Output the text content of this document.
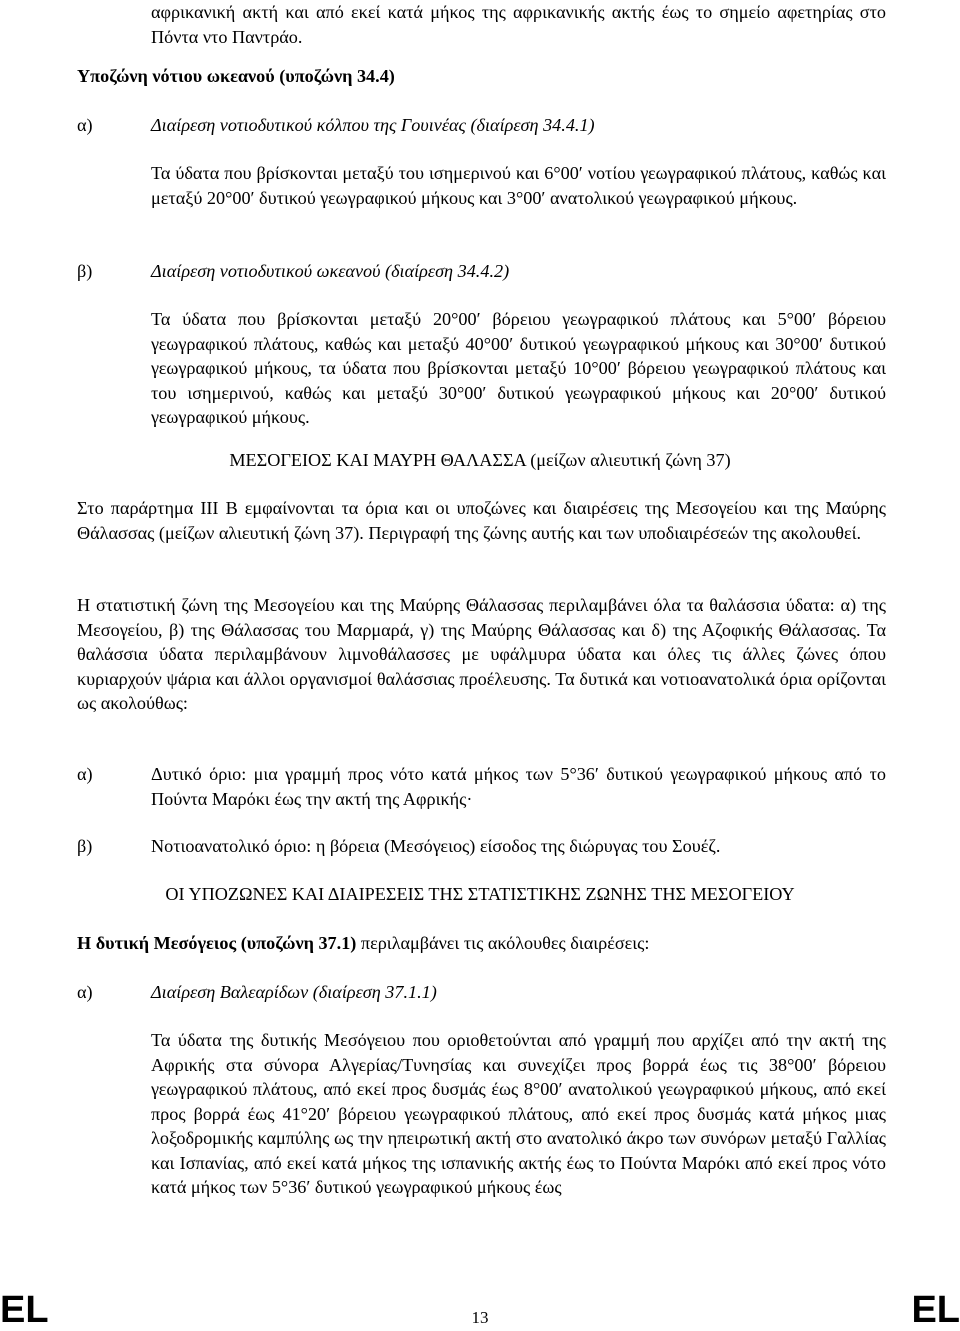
αφρικανική ακτή και από εκεί κατά μήκος της αφρικανικής ακτής έως το σημείο αφετηρίας στο Πόντα ντο Παντράο.

Υποζώνη νότιου ωκεανού (υποζώνη 34.4)

α)	Διαίρεση νοτιοδυτικού κόλπου της Γουινέας (διαίρεση 34.4.1)

Τα ύδατα που βρίσκονται μεταξύ του ισημερινού και 6°00′ νοτίου γεωγραφικού πλάτους, καθώς και μεταξύ 20°00′ δυτικού γεωγραφικού μήκους και 3°00′ ανατολικού γεωγραφικού μήκους.

β)	Διαίρεση νοτιοδυτικού ωκεανού (διαίρεση 34.4.2)

Τα ύδατα που βρίσκονται μεταξύ 20°00′ βόρειου γεωγραφικού πλάτους και 5°00′ βόρειου γεωγραφικού πλάτους, καθώς και μεταξύ 40°00′ δυτικού γεωγραφικού μήκους και 30°00′ δυτικού γεωγραφικού μήκους, τα ύδατα που βρίσκονται μεταξύ 10°00′ βόρειου γεωγραφικού πλάτους και του ισημερινού, καθώς και μεταξύ 30°00′ δυτικού γεωγραφικού μήκους και 20°00′ δυτικού γεωγραφικού μήκους.

ΜΕΣΟΓΕΙΟΣ ΚΑΙ ΜΑΥΡΗ ΘΑΛΑΣΣΑ (μείζων αλιευτική ζώνη 37)

Στο παράρτημα ΙΙΙ Β εμφαίνονται τα όρια και οι υποζώνες και διαιρέσεις της Μεσογείου και της Μαύρης Θάλασσας (μείζων αλιευτική ζώνη 37). Περιγραφή της ζώνης αυτής και των υποδιαιρέσεών της ακολουθεί.

Η στατιστική ζώνη της Μεσογείου και της Μαύρης Θάλασσας περιλαμβάνει όλα τα θαλάσσια ύδατα: α) της Μεσογείου, β) της Θάλασσας του Μαρμαρά, γ) της Μαύρης Θάλασσας και δ) της Αζοφικής Θάλασσας. Τα θαλάσσια ύδατα περιλαμβάνουν λιμνοθάλασσες με υφάλμυρα ύδατα και όλες τις άλλες ζώνες όπου κυριαρχούν ψάρια και άλλοι οργανισμοί θαλάσσιας προέλευσης. Τα δυτικά και νοτιοανατολικά όρια ορίζονται ως ακολούθως:

α)	Δυτικό όριο: μια γραμμή προς νότο κατά μήκος των 5°36′ δυτικού γεωγραφικού μήκους από το Πούντα Μαρόκι έως την ακτή της Αφρικής·

β)	Νοτιοανατολικό όριο: η βόρεια (Μεσόγειος) είσοδος της διώρυγας του Σουέζ.

ΟΙ ΥΠΟΖΩΝΕΣ ΚΑΙ ΔΙΑΙΡΕΣΕΙΣ ΤΗΣ ΣΤΑΤΙΣΤΙΚΗΣ ΖΩΝΗΣ ΤΗΣ ΜΕΣΟΓΕΙΟΥ

Η δυτική Μεσόγειος (υποζώνη 37.1) περιλαμβάνει τις ακόλουθες διαιρέσεις:

α)	Διαίρεση Βαλεαρίδων (διαίρεση 37.1.1)

Τα ύδατα της δυτικής Μεσόγειου που οριοθετούνται από γραμμή που αρχίζει από την ακτή της Αφρικής στα σύνορα Αλγερίας/Τυνησίας και συνεχίζει προς βορρά έως τις 38°00′ βόρειου γεωγραφικού πλάτους, από εκεί προς δυσμάς έως 8°00′ ανατολικού γεωγραφικού μήκους, από εκεί προς βορρά έως 41°20′ βόρειου γεωγραφικού πλάτους, από εκεί προς δυσμάς κατά μήκος μιας λοξοδρομικής καμπύλης ως την ηπειρωτική ακτή στο ανατολικό άκρο των συνόρων μεταξύ Γαλλίας και Ισπανίας, από εκεί κατά μήκος της ισπανικής ακτής έως το Πούντα Μαρόκι από εκεί προς νότο κατά μήκος των 5°36′ δυτικού γεωγραφικού μήκους έως

EL	13	EL
